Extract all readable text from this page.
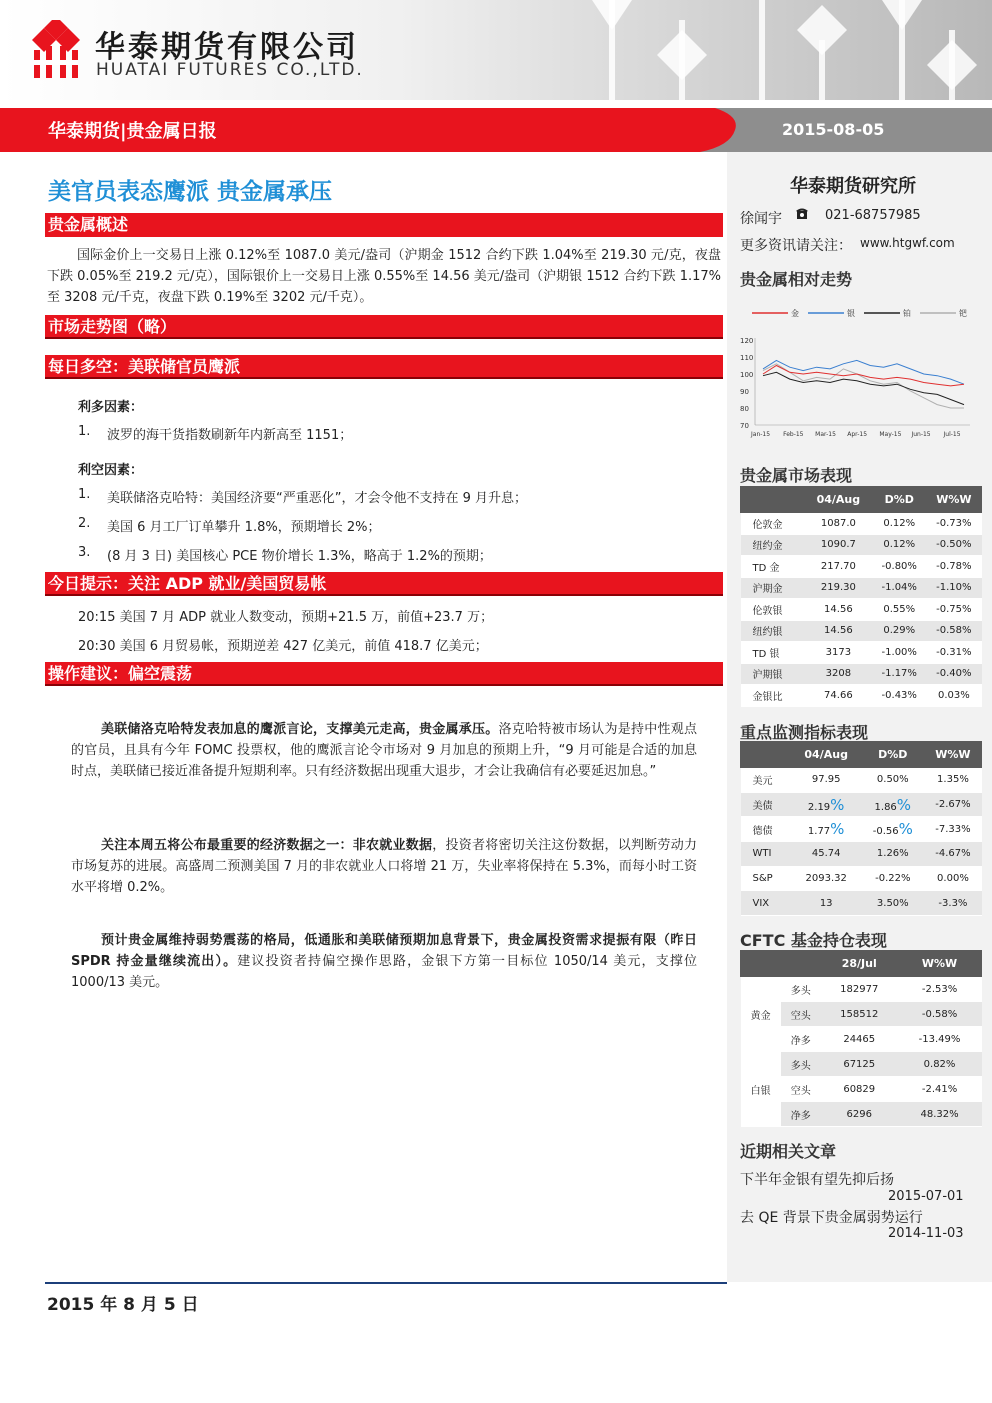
华泰期货有限公司
HUATAI FUTURES CO.,LTD.
华泰期货|贵金属日报	2015-08-05
美官员表态鹰派 贵金属承压
贵金属概述
国际金价上一交易日上涨 0.12%至 1087.0 美元/盎司（沪期金 1512 合约下跌 1.04%至 219.30 元/克，夜盘下跌 0.05%至 219.2 元/克），国际银价上一交易日上涨 0.55%至 14.56 美元/盎司（沪期银 1512 合约下跌 1.17%至 3208 元/千克，夜盘下跌 0.19%至 3202 元/千克）。
市场走势图（略）
每日多空：美联储官员鹰派
利多因素：
1. 波罗的海干货指数刷新年内新高至 1151；
利空因素：
1. 美联储洛克哈特：美国经济要“严重恶化”，才会令他不支持在 9 月升息；
2. 美国 6 月工厂订单攀升 1.8%，预期增长 2%；
3. (8 月 3 日) 美国核心 PCE 物价增长 1.3%，略高于 1.2%的预期；
今日提示：关注 ADP 就业/美国贸易帐
20:15 美国 7 月 ADP 就业人数变动，预期+21.5 万，前值+23.7 万；
20:30 美国 6 月贸易帐，预期逆差 427 亿美元，前值 418.7 亿美元；
操作建议：偏空震荡
美联储洛克哈特发表加息的鹰派言论，支撑美元走高，贵金属承压。洛克哈特被市场认为是持中性观点的官员，且具有今年 FOMC 投票权，他的鹰派言论令市场对 9 月加息的预期上升，“9 月可能是合适的加息时点，美联储已接近准备提升短期利率。只有经济数据出现重大退步，才会让我确信有必要延迟加息。”
关注本周五将公布最重要的经济数据之一：非农就业数据，投资者将密切关注这份数据，以判断劳动力市场复苏的进展。高盛周二预测美国 7 月的非农就业人口将增 21 万，失业率将保持在 5.3%，而每小时工资水平将增 0.2%。
预计贵金属维持弱势震荡的格局，低通胀和美联储预期加息背景下，贵金属投资需求提振有限（昨日 SPDR 持金量继续流出）。建议投资者持偏空操作思路，金银下方第一目标位 1050/14 美元，支撑位 1000/13 美元。
2015 年 8 月 5 日
华泰期货研究所
徐闻宇	021-68757985
更多资讯请关注： www.htgwf.com
贵金属相对走势
金	银	铂	钯
70
80
90
100
110
120
Jan-15 Feb-15 Mar-15 Apr-15 May-15 Jun-15 Jul-15
贵金属市场表现
	04/Aug	D%D	W%W
伦敦金	1087.0	0.12%	-0.73%
纽约金	1090.7	0.12%	-0.50%
TD 金	217.70	-0.80%	-0.78%
沪期金	219.30	-1.04%	-1.10%
伦敦银	14.56	0.55%	-0.75%
纽约银	14.56	0.29%	-0.58%
TD 银	3173	-1.00%	-0.31%
沪期银	3208	-1.17%	-0.40%
金银比	74.66	-0.43%	0.03%
重点监测指标表现
	04/Aug	D%D	W%W
美元	97.95	0.50%	1.35%
美债	2.19%	1.86%	-2.67%
德债	1.77%	-0.56%	-7.33%
WTI	45.74	1.26%	-4.67%
S&P	2093.32	-0.22%	0.00%
VIX	13	3.50%	-3.3%
CFTC 基金持仓表现
		28/Jul	W%W
黄金	多头	182977	-2.53%
	空头	158512	-0.58%
	净多	24465	-13.49%
白银	多头	67125	0.82%
	空头	60829	-2.41%
	净多	6296	48.32%
近期相关文章
下半年金银有望先抑后扬
2015-07-01
去 QE 背景下贵金属弱势运行
2014-11-03
